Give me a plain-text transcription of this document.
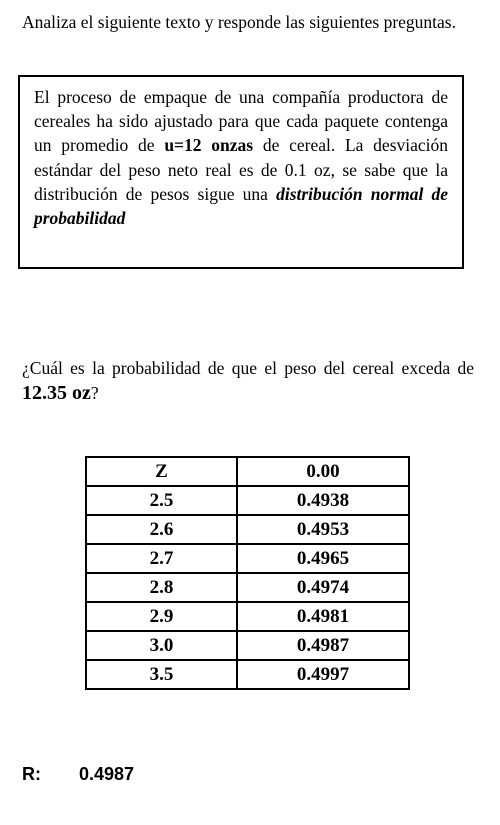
Analiza el siguiente texto y responde las siguientes preguntas.

El proceso de empaque de una compañía productora de cereales ha sido ajustado para que cada paquete contenga un promedio de u=12 onzas de cereal. La desviación estándar del peso neto real es de 0.1 oz, se sabe que la distribución de pesos sigue una distribución normal de probabilidad

¿Cuál es la probabilidad de que el peso del cereal exceda de 12.35 oz?
Z	0.00
2.5	0.4938
2.6	0.4953
2.7	0.4965
2.8	0.4974
2.9	0.4981
3.0	0.4987
3.5	0.4997
R: 0.4987
